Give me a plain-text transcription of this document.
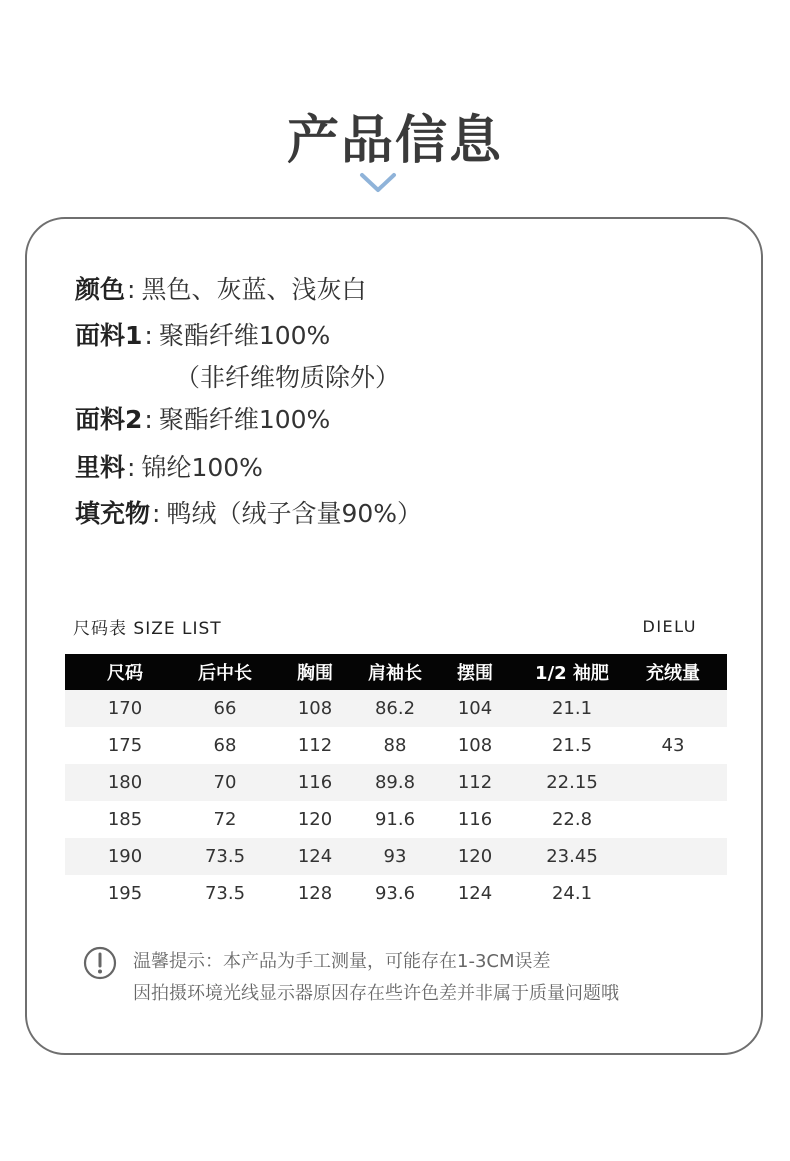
产品信息
颜色: 黑色、灰蓝、浅灰白
面料1: 聚酯纤维100%
（非纤维物质除外）
面料2: 聚酯纤维100%
里料: 锦纶100%
填充物: 鸭绒（绒子含量90%）
尺码表 SIZE LIST	DIELU
尺码	后中长	胸围	肩袖长	摆围	1/2 袖肥	充绒量
170	66	108	86.2	104	21.1
175	68	112	88	108	21.5	43
180	70	116	89.8	112	22.15
185	72	120	91.6	116	22.8
190	73.5	124	93	120	23.45
195	73.5	128	93.6	124	24.1
温馨提示：本产品为手工测量，可能存在1-3CM误差
因拍摄环境光线显示器原因存在些许色差并非属于质量问题哦
